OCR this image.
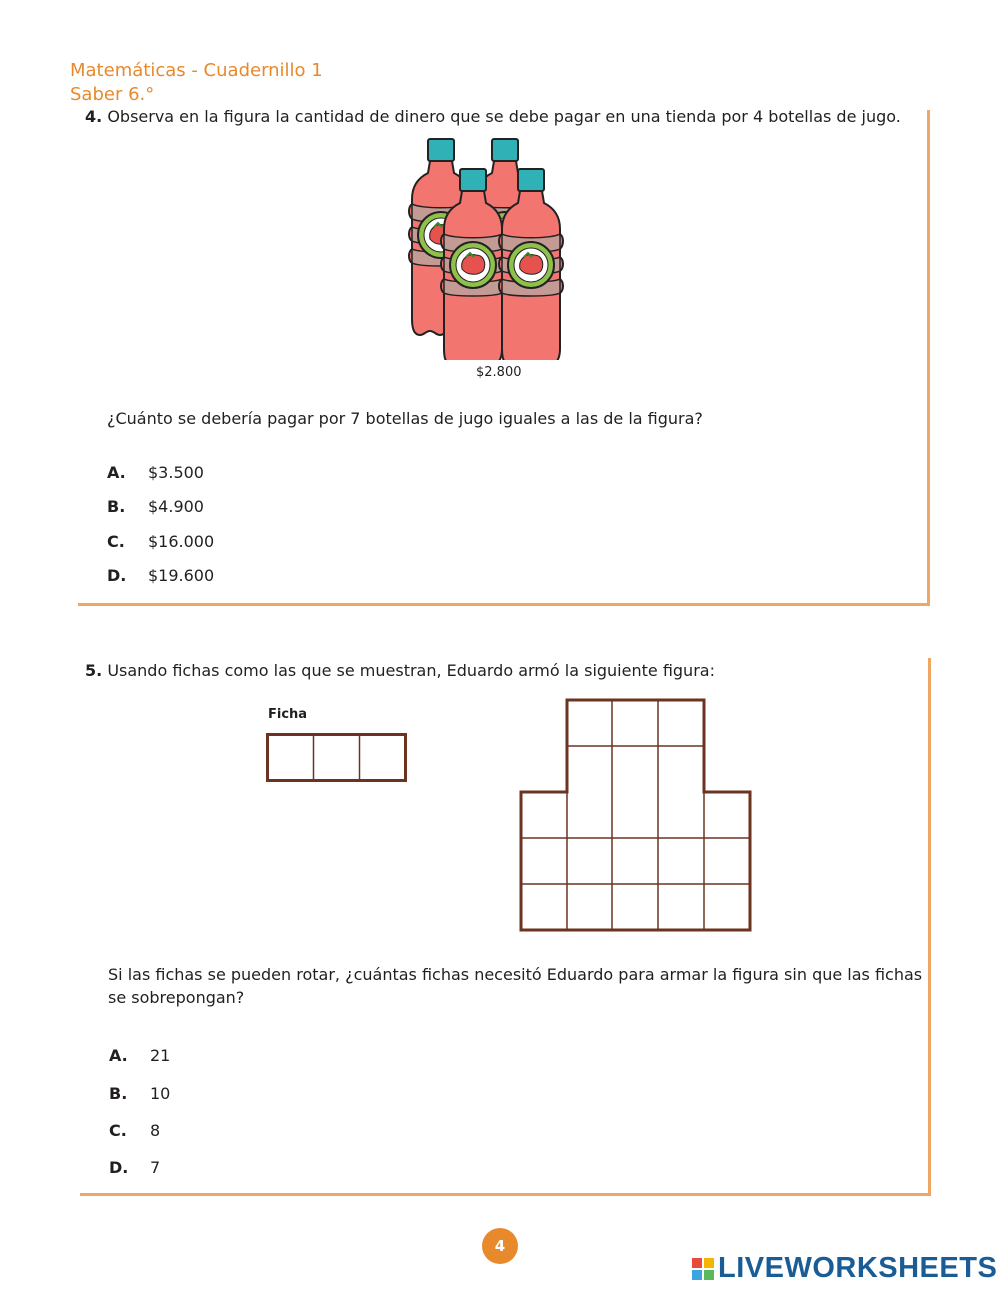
Matemáticas - Cuadernillo 1
Saber 6.°
4. Observa en la figura la cantidad de dinero que se debe pagar en una tienda por 4 botellas de jugo.
$2.800
¿Cuánto se debería pagar por 7 botellas de jugo iguales a las de la figura?
A. $3.500
B. $4.900
C. $16.000
D. $19.600
5. Usando fichas como las que se muestran, Eduardo armó la siguiente figura:
Ficha
Si las fichas se pueden rotar, ¿cuántas fichas necesitó Eduardo para armar la figura sin que las fichas
se sobrepongan?
A. 21
B. 10
C. 8
D. 7
4
LIVEWORKSHEETS
